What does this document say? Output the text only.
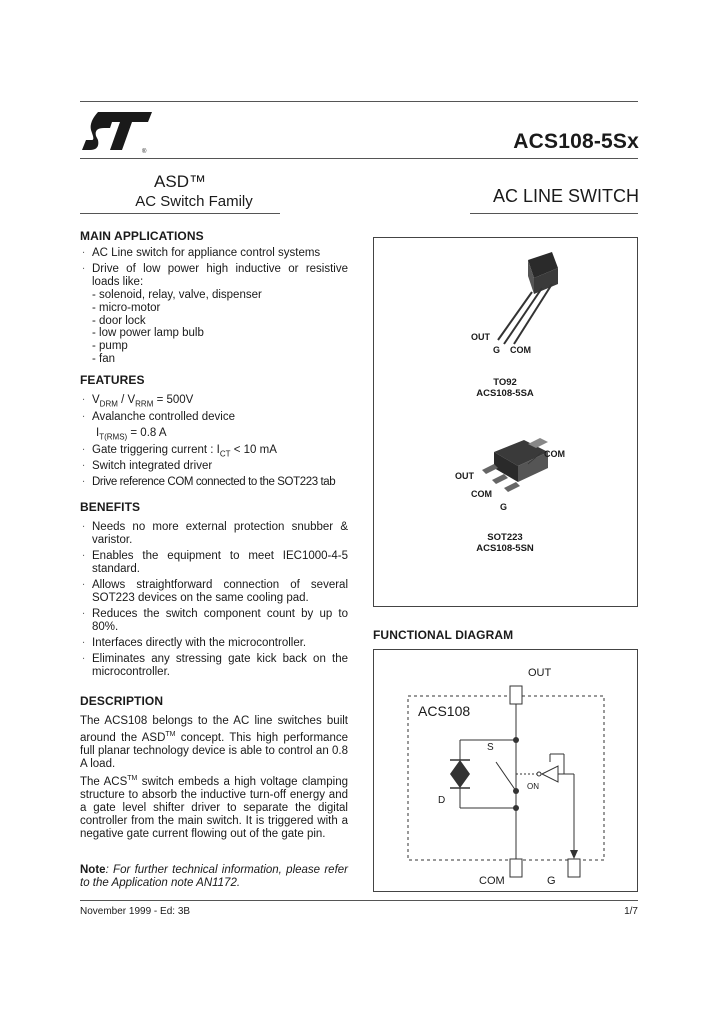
®	ACS108-5Sx
ASD™
AC Switch Family	AC LINE SWITCH
MAIN APPLICATIONS
. AC Line switch for appliance control systems
. Drive of low power high inductive or resistive loads like:
- solenoid, relay, valve, dispenser
- micro-motor
- door lock
- low power lamp bulb
- pump
- fan
FEATURES
. $V_{DRM} / V_{RRM} = 500V$
. Avalanche controlled device
$I_{T(RMS)} = 0.8$ A
. Gate triggering current : $I_{CT} < 10$ mA
. Switch integrated driver
. Drive reference COM connected to the SOT223 tab
BENEFITS
. Needs no more external protection snubber & varistor.
. Enables the equipment to meet IEC1000-4-5 standard.
. Allows straightforward connection of several SOT223 devices on the same cooling pad.
. Reduces the switch component count by up to 80%.
. Interfaces directly with the microcontroller.
. Eliminates any stressing gate kick back on the microcontroller.
DESCRIPTION
The ACS108 belongs to the AC line switches built around the ASD™ concept. This high performance full planar technology device is able to control an 0.8 A load.
The ACS™ switch embeds a high voltage clamping structure to absorb the inductive turn-off energy and a gate level shifter driver to separate the digital controller from the main switch. It is triggered with a negative gate current flowing out of the gate pin.
Note: For further technical information, please refer to the Application note AN1172.
OUT
G COM
TO92
ACS108-5SA
COM
OUT
COM
G
SOT223
ACS108-5SN
FUNCTIONAL DIAGRAM
OUT
ACS108
S
ON
D
COM	G
November 1999 - Ed: 3B	1/7
